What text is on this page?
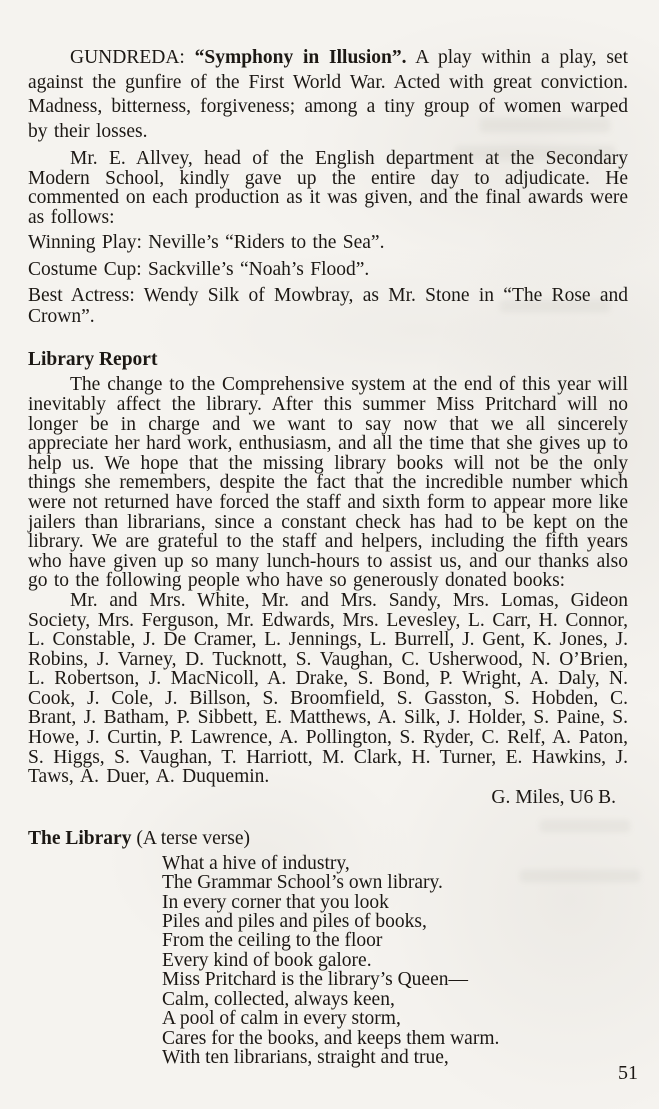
GUNDREDA: “Symphony in Illusion”. A play within a play, set against the gunfire of the First World War. Acted with great conviction. Madness, bitterness, forgiveness; among a tiny group of women warped by their losses.

Mr. E. Allvey, head of the English department at the Secondary Modern School, kindly gave up the entire day to adjudicate. He commented on each production as it was given, and the final awards were as follows:

Winning Play: Neville’s “Riders to the Sea”.

Costume Cup: Sackville’s “Noah’s Flood”.

Best Actress: Wendy Silk of Mowbray, as Mr. Stone in “The Rose and Crown”.

Library Report

The change to the Comprehensive system at the end of this year will inevitably affect the library. After this summer Miss Pritchard will no longer be in charge and we want to say now that we all sincerely appreciate her hard work, enthusiasm, and all the time that she gives up to help us. We hope that the missing library books will not be the only things she remembers, despite the fact that the incredible number which were not returned have forced the staff and sixth form to appear more like jailers than librarians, since a constant check has had to be kept on the library. We are grateful to the staff and helpers, including the fifth years who have given up so many lunch-hours to assist us, and our thanks also go to the following people who have so generously donated books:

Mr. and Mrs. White, Mr. and Mrs. Sandy, Mrs. Lomas, Gideon Society, Mrs. Ferguson, Mr. Edwards, Mrs. Levesley, L. Carr, H. Connor, L. Constable, J. De Cramer, L. Jennings, L. Burrell, J. Gent, K. Jones, J. Robins, J. Varney, D. Tucknott, S. Vaughan, C. Usherwood, N. O’Brien, L. Robertson, J. MacNicoll, A. Drake, S. Bond, P. Wright, A. Daly, N. Cook, J. Cole, J. Billson, S. Broomfield, S. Gasston, S. Hobden, C. Brant, J. Batham, P. Sibbett, E. Matthews, A. Silk, J. Holder, S. Paine, S. Howe, J. Curtin, P. Lawrence, A. Pollington, S. Ryder, C. Relf, A. Paton, S. Higgs, S. Vaughan, T. Harriott, M. Clark, H. Turner, E. Hawkins, J. Taws, A. Duer, A. Duquemin.

G. Miles, U6 B.

The Library (A terse verse)

What a hive of industry,
The Grammar School’s own library.
In every corner that you look
Piles and piles and piles of books,
From the ceiling to the floor
Every kind of book galore.
Miss Pritchard is the library’s Queen—
Calm, collected, always keen,
A pool of calm in every storm,
Cares for the books, and keeps them warm.
With ten librarians, straight and true,
51
